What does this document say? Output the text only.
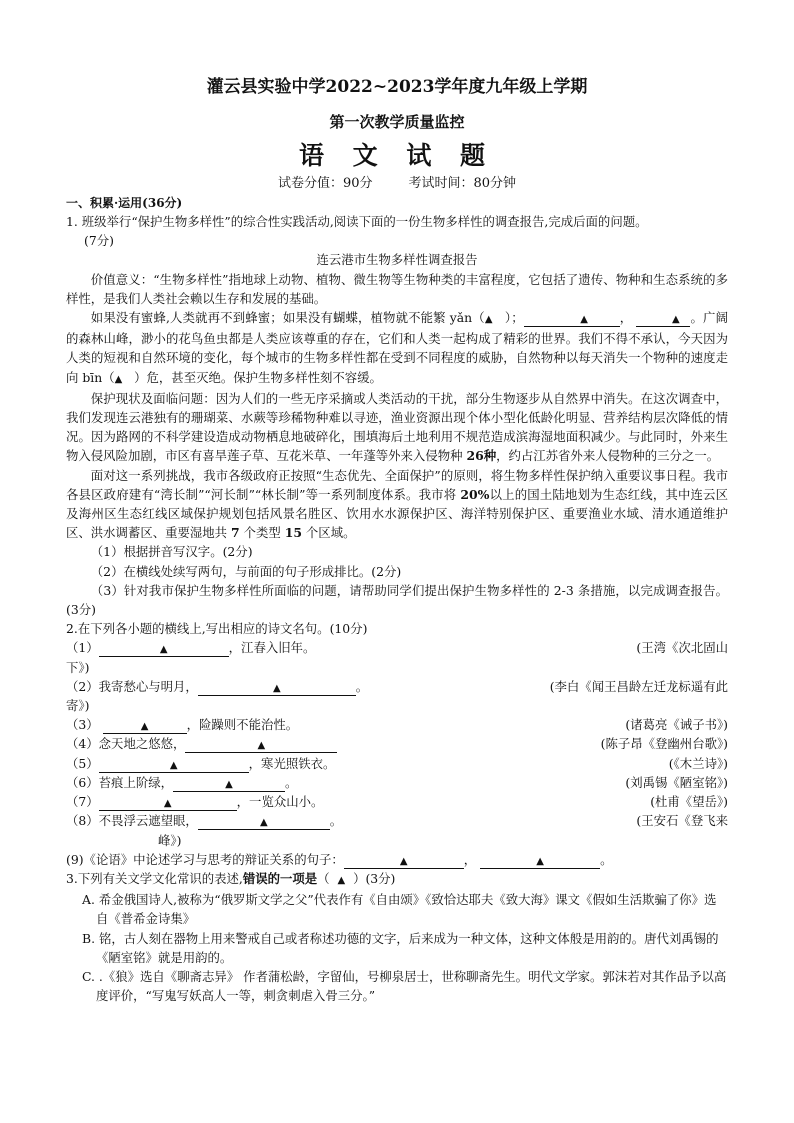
灌云县实验中学2022~2023学年度九年级上学期
第一次教学质量监控
语 文 试 题
试卷分值：90分	考试时间：80分钟
一、积累·运用(36分)

1. 班级举行“保护生物多样性”的综合性实践活动,阅读下面的一份生物多样性的调查报告,完成后面的问题。

(7分)

连云港市生物多样性调查报告

价值意义：“生物多样性”指地球上动物、植物、微生物等生物种类的丰富程度，它包括了遗传、物种和生态系统的多样性，是我们人类社会赖以生存和发展的基础。

如果没有蜜蜂,人类就再不到蜂蜜；如果没有蝴蝶，植物就不能繁 yǎn（▲ ）；	▲	，	▲ 。广阔的森林山峰，渺小的花鸟鱼虫都是人类应该尊重的存在，它们和人类一起构成了精彩的世界。我们不得不承认，今天因为人类的短视和自然环境的变化，每个城市的生物多样性都在受到不同程度的威胁，自然物种以每天消失一个物种的速度走向 bīn（▲ ）危，甚至灭绝。保护生物多样性刻不容缓。

保护现状及面临问题：因为人们的一些无序采摘或人类活动的干扰，部分生物逐步从自然界中消失。在这次调查中，我们发现连云港独有的珊瑚菜、水蕨等珍稀物种难以寻迹，渔业资源出现个体小型化低龄化明显、营养结构层次降低的情况。因为路网的不科学建设造成动物栖息地破碎化，围填海后土地利用不规范造成滨海湿地面积减少。与此同时，外来生物入侵风险加剧，市区有喜旱莲子草、互花米草、一年蓬等外来入侵物种 26种，约占江苏省外来人侵物种的三分之一。

面对这一系列挑战，我市各级政府正按照“生态优先、全面保护”的原则，将生物多样性保护纳入重要议事日程。我市各县区政府建有“湾长制”“河长制”“林长制”等一系列制度体系。我市将 20%以上的国土陆地划为生态红线，其中连云区及海州区生态红线区域保护规划包括风景名胜区、饮用水水源保护区、海洋特别保护区、重要渔业水域、清水通道维护区、洪水调蓄区、重要湿地共 7 个类型 15 个区域。

（1）根据拼音写汉字。(2分)

（2）在横线处续写两句，与前面的句子形成排比。(2分)

（3）针对我市保护生物多样性所面临的问题，请帮助同学们提出保护生物多样性的 2-3 条措施，以完成调查报告。(3分)

2.在下列各小题的横线上,写出相应的诗文名句。(10分)

（1）	▲	，江春入旧年。	(王湾《次北固山
下》)
（2）我寄愁心与明月，	▲	。	(李白《闻王昌龄左迁龙标遥有此
寄》)
（3）	▲	，险躁则不能治性。	(诸葛亮《诫子书》)
（4）念天地之悠悠，	▲	(陈子昂《登幽州台歌》)
（5）	▲	，寒光照铁衣。	(《木兰诗》)
（6）苔痕上阶绿，	▲	。	(刘禹锡《陋室铭》)
（7）	▲	，一览众山小。	(杜甫《望岳》)
（8）不畏浮云遮望眼，	▲	。	(王安石《登飞来
峰》)

(9)《论语》中论述学习与思考的辩证关系的句子：	▲	，	▲	。

3.下列有关文学文化常识的表述,错误的一项是（ ▲ ）(3分)

A. 希金俄国诗人,被称为“俄罗斯文学之父”代表作有《自由颂》《致恰达耶夫《致大海》课文《假如生活欺骗了你》选自《普希金诗集》

B. 铭，古人刻在器物上用来警戒自己或者称述功德的文字，后来成为一种文体，这种文体般是用韵的。唐代刘禹锡的《陋室铭》就是用韵的。

C. .《狼》选自《聊斋志异》 作者蒲松龄，字留仙，号柳泉居士，世称聊斋先生。明代文学家。郭沫若对其作品予以高度评价，“写鬼写妖高人一等，刺贪刺虐入骨三分。”
